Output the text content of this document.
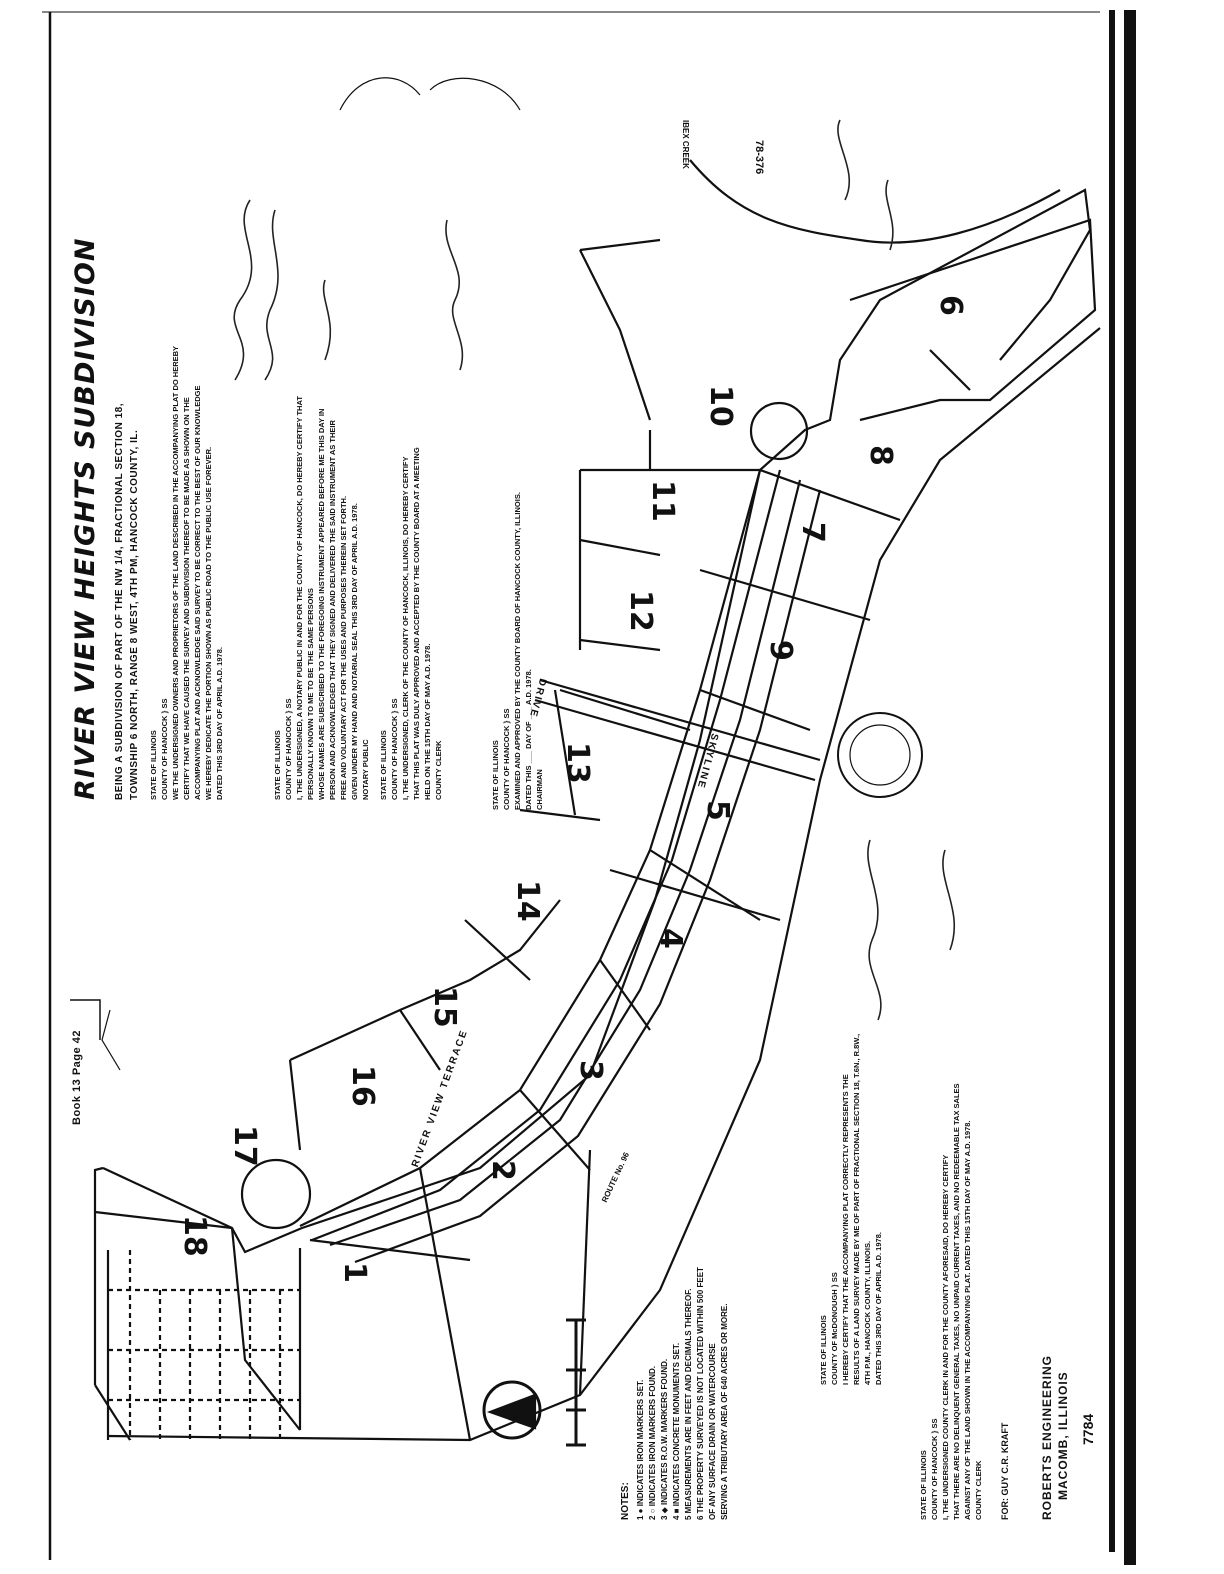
RIVER VIEW HEIGHTS SUBDIVISION BEING A SUBDIVISION OF PART OF THE NW 1/4, FRACTIONAL SECTION 18, TOWNSHIP 6 NORTH, RANGE 8 WEST, 4TH PM, HANCOCK COUNTY, IL.
Book 13 Page 42
78-376
STATE OF ILLINOIS
COUNTY OF HANCOCK } SS
WE THE UNDERSIGNED OWNERS AND PROPRIETORS OF THE LAND DESCRIBED IN THE ACCOMPANYING PLAT DO HEREBY
CERTIFY THAT WE HAVE CAUSED THE SURVEY AND SUBDIVISION THEREOF TO BE MADE AS SHOWN ON THE
ACCOMPANYING PLAT AND ACKNOWLEDGE SAID SURVEY TO BE CORRECT TO THE BEST OF OUR KNOWLEDGE
WE HEREBY DEDICATE THE PORTION SHOWN AS PUBLIC ROAD TO THE PUBLIC USE FOREVER.
DATED THIS 3RD DAY OF APRIL A.D. 1978.
STATE OF ILLINOIS
COUNTY OF HANCOCK } SS
I, THE UNDERSIGNED, A NOTARY PUBLIC IN AND FOR THE COUNTY OF HANCOCK, DO HEREBY CERTIFY THAT
PERSONALLY KNOWN TO ME TO BE THE SAME PERSONS
WHOSE NAMES ARE SUBSCRIBED TO THE FOREGOING INSTRUMENT APPEARED BEFORE ME THIS DAY IN
PERSON AND ACKNOWLEDGED THAT THEY SIGNED AND DELIVERED THE SAID INSTRUMENT AS THEIR
FREE AND VOLUNTARY ACT FOR THE USES AND PURPOSES THEREIN SET FORTH.
GIVEN UNDER MY HAND AND NOTARIAL SEAL THIS 3RD DAY OF APRIL A.D. 1978.
NOTARY PUBLIC
STATE OF ILLINOIS
COUNTY OF HANCOCK } SS
I, THE UNDERSIGNED, CLERK OF THE COUNTY OF HANCOCK, ILLINOIS, DO HEREBY CERTIFY
THAT THIS PLAT WAS DULY APPROVED AND ACCEPTED BY THE COUNTY BOARD AT A MEETING
HELD ON THE 15TH DAY OF MAY A.D. 1978.
COUNTY CLERK
STATE OF ILLINOIS
COUNTY OF HANCOCK } SS
EXAMINED AND APPROVED BY THE COUNTY BOARD OF HANCOCK COUNTY, ILLINOIS.
DATED THIS ___ DAY OF ___ A.D. 1978.
CHAIRMAN
STATE OF ILLINOIS
COUNTY OF McDONOUGH } SS
I HEREBY CERTIFY THAT THE ACCOMPANYING PLAT CORRECTLY REPRESENTS THE
RESULTS OF A LAND SURVEY MADE BY ME OF PART OF FRACTIONAL SECTION 18, T.6N., R.8W.,
4TH P.M., HANCOCK COUNTY, ILLINOIS.
DATED THIS 3RD DAY OF APRIL A.D. 1978.
STATE OF ILLINOIS
COUNTY OF HANCOCK } SS
I, THE UNDERSIGNED COUNTY CLERK IN AND FOR THE COUNTY AFORESAID, DO HEREBY CERTIFY
THAT THERE ARE NO DELINQUENT GENERAL TAXES, NO UNPAID CURRENT TAXES, AND NO REDEEMABLE TAX SALES
AGAINST ANY OF THE LAND SHOWN IN THE ACCOMPANYING PLAT. DATED THIS 15TH DAY OF MAY A.D. 1978.
COUNTY CLERK
NOTES: 1 ● INDICATES IRON MARKERS SET. 2 ○ INDICATES IRON MARKERS FOUND. 3 ◆ INDICATES R.O.W. MARKERS FOUND. 4 ■ INDICATES CONCRETE MONUMENTS SET. 5 MEASUREMENTS ARE IN FEET AND DECIMALS THEREOF. 6 THE PROPERTY SURVEYED IS NOT LOCATED WITHIN 500 FEET OF ANY SURFACE DRAIN OR WATERCOURSE SERVING A TRIBUTARY AREA OF 640 ACRES OR MORE.	FOR: GUY C.R. KRAFT	ROBERTS ENGINEERING MACOMB, ILLINOIS 7784
1
2
3
4
5
6
7
8
9
10
11
12
13
14
15
16
17
18
RIVER VIEW TERRACE
DRIVE
SKYLINE
ROUTE No. 96
IBEX CREEK
